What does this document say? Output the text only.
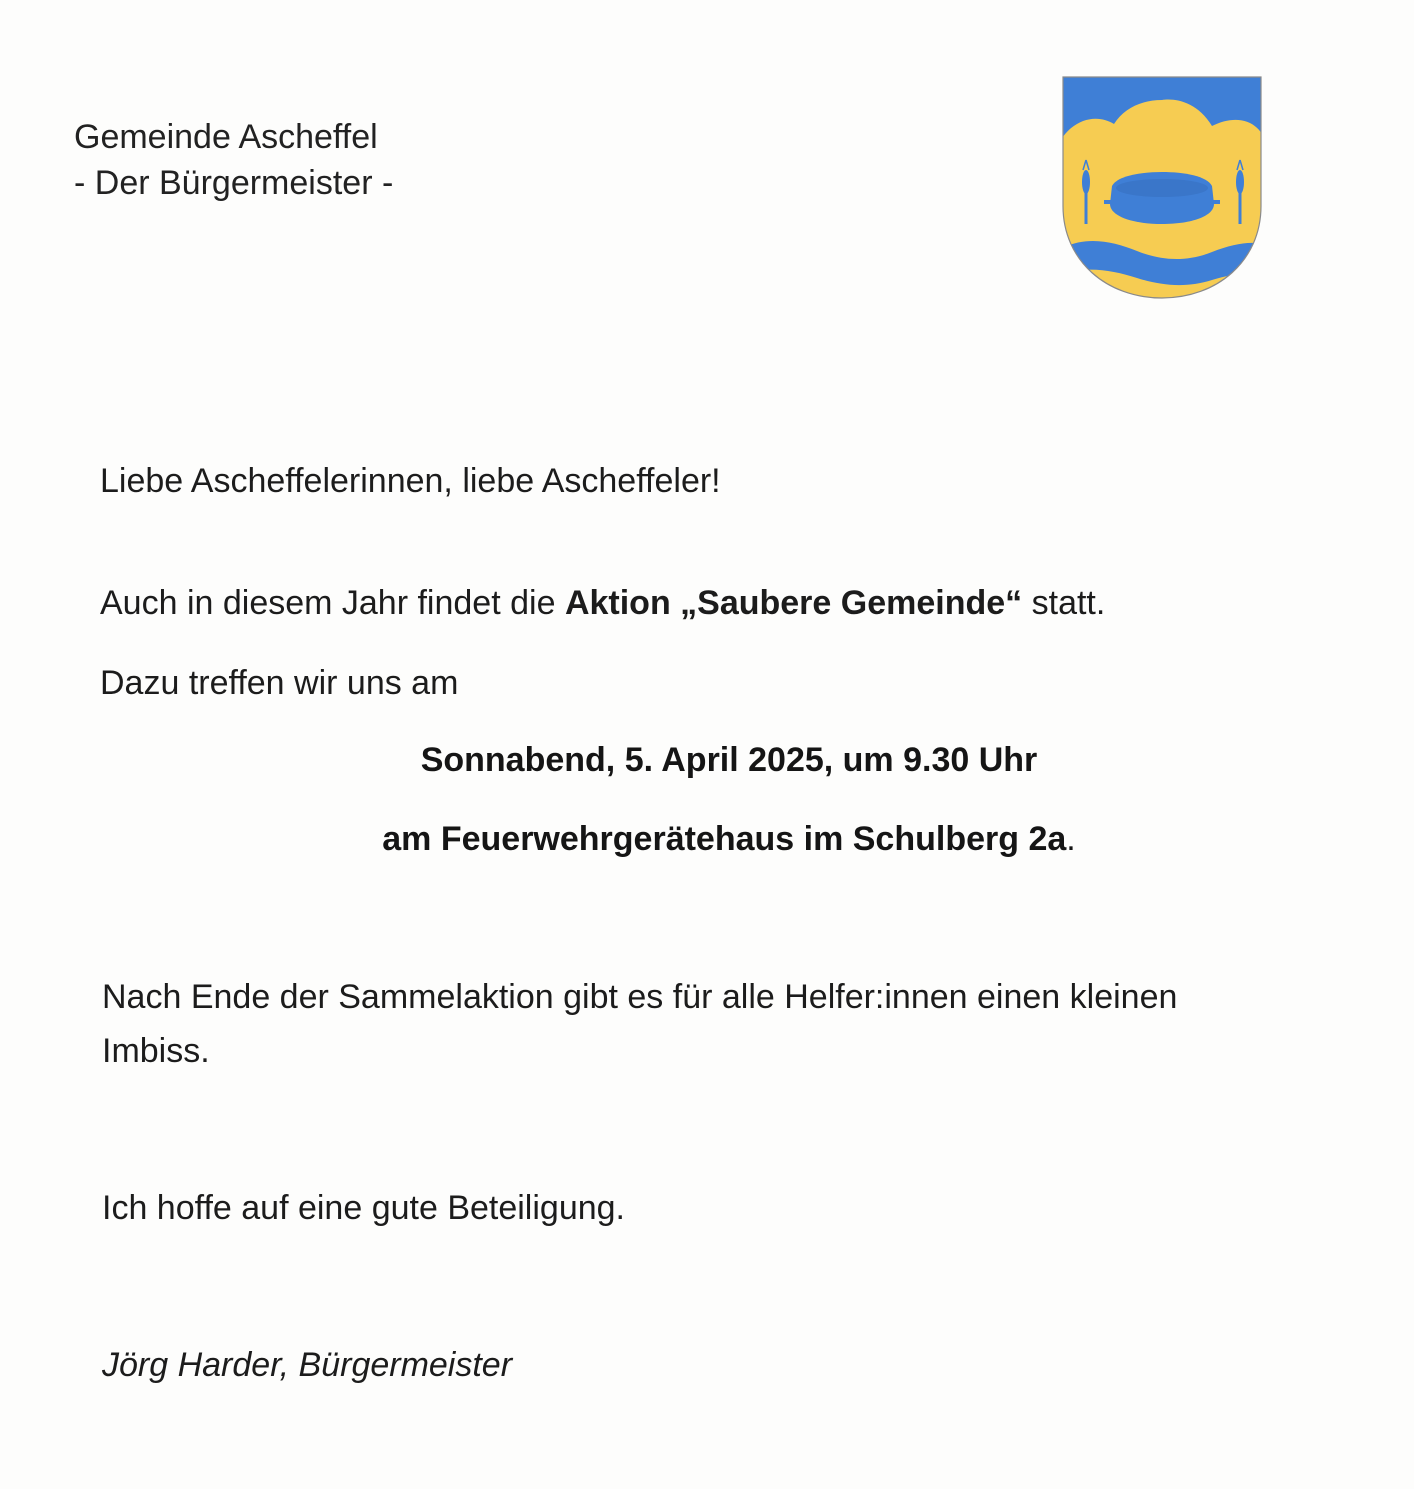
Gemeinde Ascheffel
- Der Bürgermeister -
Liebe Ascheffelerinnen, liebe Ascheffeler!
Auch in diesem Jahr findet die Aktion „Saubere Gemeinde“ statt.
Dazu treffen wir uns am
Sonnabend, 5. April 2025, um 9.30 Uhr
am Feuerwehrgerätehaus im Schulberg 2a.
Nach Ende der Sammelaktion gibt es für alle Helfer:innen einen kleinen
Imbiss.
Ich hoffe auf eine gute Beteiligung.
Jörg Harder, Bürgermeister
